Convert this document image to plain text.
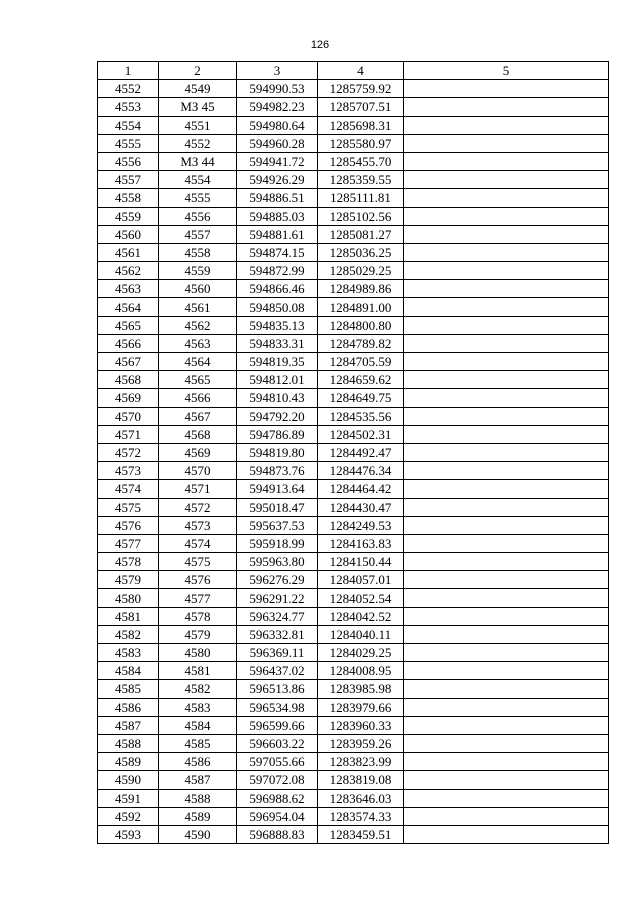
126
1	2	3	4	5
4552	4549	594990.53	1285759.92	
4553	МЗ 45	594982.23	1285707.51	
4554	4551	594980.64	1285698.31	
4555	4552	594960.28	1285580.97	
4556	МЗ 44	594941.72	1285455.70	
4557	4554	594926.29	1285359.55	
4558	4555	594886.51	1285111.81	
4559	4556	594885.03	1285102.56	
4560	4557	594881.61	1285081.27	
4561	4558	594874.15	1285036.25	
4562	4559	594872.99	1285029.25	
4563	4560	594866.46	1284989.86	
4564	4561	594850.08	1284891.00	
4565	4562	594835.13	1284800.80	
4566	4563	594833.31	1284789.82	
4567	4564	594819.35	1284705.59	
4568	4565	594812.01	1284659.62	
4569	4566	594810.43	1284649.75	
4570	4567	594792.20	1284535.56	
4571	4568	594786.89	1284502.31	
4572	4569	594819.80	1284492.47	
4573	4570	594873.76	1284476.34	
4574	4571	594913.64	1284464.42	
4575	4572	595018.47	1284430.47	
4576	4573	595637.53	1284249.53	
4577	4574	595918.99	1284163.83	
4578	4575	595963.80	1284150.44	
4579	4576	596276.29	1284057.01	
4580	4577	596291.22	1284052.54	
4581	4578	596324.77	1284042.52	
4582	4579	596332.81	1284040.11	
4583	4580	596369.11	1284029.25	
4584	4581	596437.02	1284008.95	
4585	4582	596513.86	1283985.98	
4586	4583	596534.98	1283979.66	
4587	4584	596599.66	1283960.33	
4588	4585	596603.22	1283959.26	
4589	4586	597055.66	1283823.99	
4590	4587	597072.08	1283819.08	
4591	4588	596988.62	1283646.03	
4592	4589	596954.04	1283574.33	
4593	4590	596888.83	1283459.51	
